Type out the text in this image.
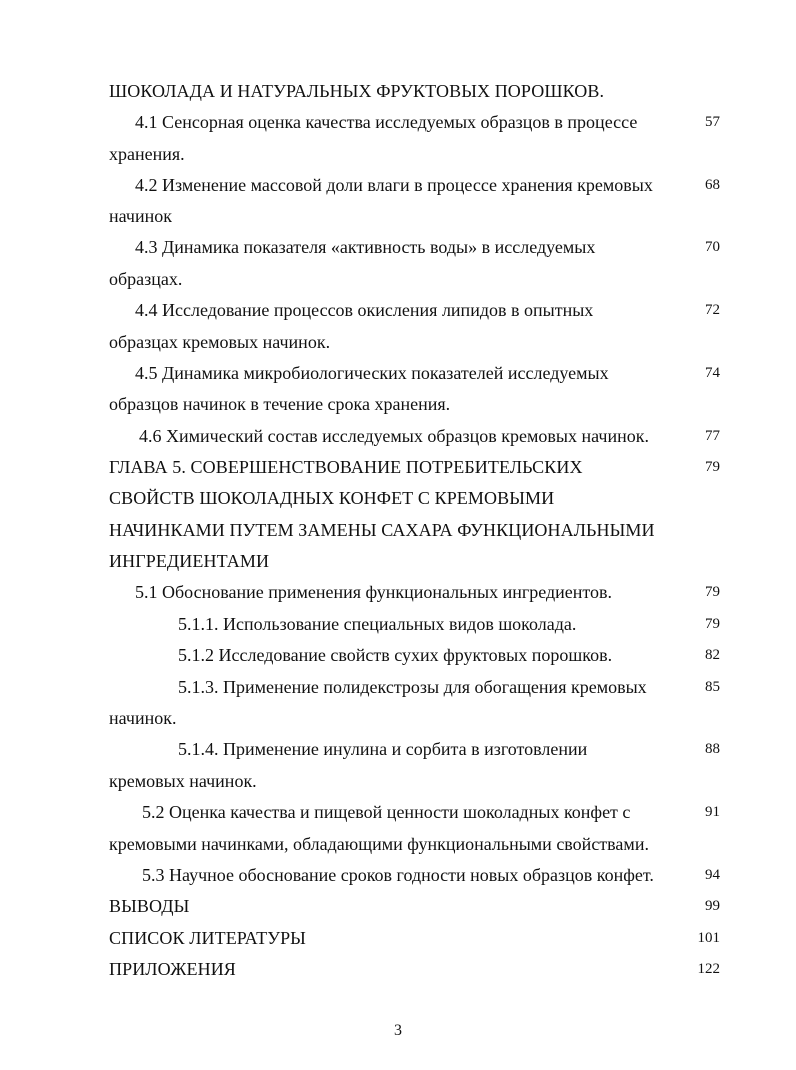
ШОКОЛАДА И НАТУРАЛЬНЫХ ФРУКТОВЫХ ПОРОШКОВ.
4.1 Сенсорная оценка качества исследуемых образцов в процессе	57
хранения.
4.2 Изменение массовой доли влаги в процессе хранения кремовых	68
начинок
4.3 Динамика пoказателя «активность воды» в исследуемых	70
образцах.
4.4 Исследование процессов окисления липидов в опытных	72
образцах кремовых начинок.
4.5 Динамика микробиологических показателей исследуемых	74
образцов начинок в течение срока хранения.
4.6 Химический состав исследуемых образцов кремовых начинок.	77
ГЛАВА 5. СОВЕРШЕНСТВОВАНИЕ ПОТРЕБИТЕЛЬСКИХ	79
СВОЙСТВ ШОКОЛАДНЫХ КОНФЕТ С КРЕМОВЫМИ
НАЧИНКАМИ ПУТЕМ ЗАМЕНЫ САХАРА ФУНКЦИОНАЛЬНЫМИ
ИНГРЕДИЕНТАМИ
5.1 Обоснование применения функциональных ингредиентов.	79
5.1.1. Использование специальных видов шоколада.	79
5.1.2 Исследование свойств сухих фруктовых порошков.	82
5.1.3. Применение полидекстрозы для обогащения кремовых	85
начинок.
5.1.4. Применение инулина и сорбита в изготовлении	88
кремовых начинок.
5.2 Оценка качества и пищевой ценности шоколадных конфет с	91
кремовыми начинками, обладающими функциональными свойствами.
5.3 Научное обоснование сроков годности новых образцов конфет.	94
ВЫВОДЫ	99
СПИСОК ЛИТЕРАТУРЫ	101
ПРИЛОЖЕНИЯ	122
3
